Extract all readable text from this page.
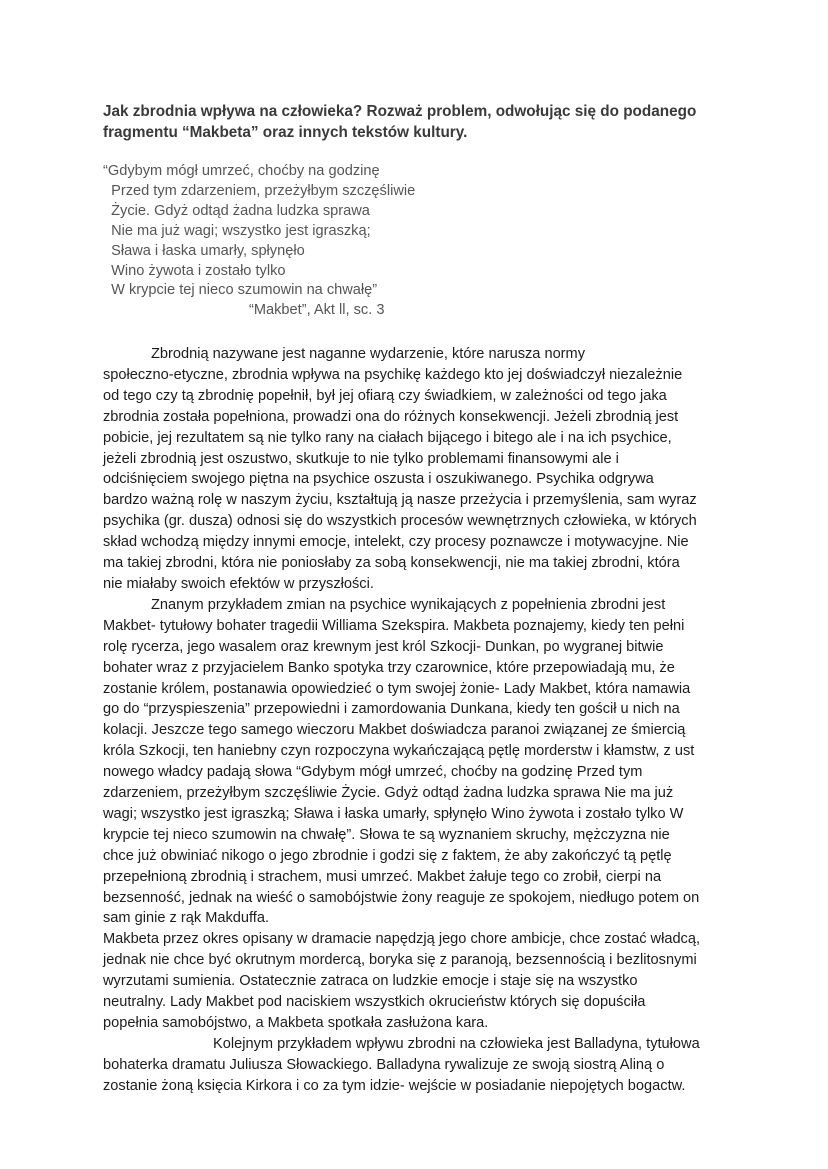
Jak zbrodnia wpływa na człowieka? Rozważ problem, odwołując się do podanego
fragmentu “Makbeta” oraz innych tekstów kultury.
“Gdybym mógł umrzeć, choćby na godzinę
Przed tym zdarzeniem, przeżyłbym szczęśliwie
Życie. Gdyż odtąd żadna ludzka sprawa
Nie ma już wagi; wszystko jest igraszką;
Sława i łaska umarły, spłynęło
Wino żywota i zostało tylko
W krypcie tej nieco szumowin na chwałę”
“Makbet”, Akt ll, sc. 3
Zbrodnią nazywane jest naganne wydarzenie, które narusza normy
społeczno-etyczne, zbrodnia wpływa na psychikę każdego kto jej doświadczył niezależnie
od tego czy tą zbrodnię popełnił, był jej ofiarą czy świadkiem, w zależności od tego jaka
zbrodnia została popełniona, prowadzi ona do różnych konsekwencji. Jeżeli zbrodnią jest
pobicie, jej rezultatem są nie tylko rany na ciałach bijącego i bitego ale i na ich psychice,
jeżeli zbrodnią jest oszustwo, skutkuje to nie tylko problemami finansowymi ale i
odciśnięciem swojego piętna na psychice oszusta i oszukiwanego. Psychika odgrywa
bardzo ważną rolę w naszym życiu, kształtują ją nasze przeżycia i przemyślenia, sam wyraz
psychika (gr. dusza) odnosi się do wszystkich procesów wewnętrznych człowieka, w których
skład wchodzą między innymi emocje, intelekt, czy procesy poznawcze i motywacyjne. Nie
ma takiej zbrodni, która nie poniosłaby za sobą konsekwencji, nie ma takiej zbrodni, która
nie miałaby swoich efektów w przyszłości.
Znanym przykładem zmian na psychice wynikających z popełnienia zbrodni jest
Makbet- tytułowy bohater tragedii Williama Szekspira. Makbeta poznajemy, kiedy ten pełni
rolę rycerza, jego wasalem oraz krewnym jest król Szkocji- Dunkan, po wygranej bitwie
bohater wraz z przyjacielem Banko spotyka trzy czarownice, które przepowiadają mu, że
zostanie królem, postanawia opowiedzieć o tym swojej żonie- Lady Makbet, która namawia
go do “przyspieszenia” przepowiedni i zamordowania Dunkana, kiedy ten gościł u nich na
kolacji. Jeszcze tego samego wieczoru Makbet doświadcza paranoi związanej ze śmiercią
króla Szkocji, ten haniebny czyn rozpoczyna wykańczającą pętlę morderstw i kłamstw, z ust
nowego władcy padają słowa “Gdybym mógł umrzeć, choćby na godzinę Przed tym
zdarzeniem, przeżyłbym szczęśliwie Życie. Gdyż odtąd żadna ludzka sprawa Nie ma już
wagi; wszystko jest igraszką; Sława i łaska umarły, spłynęło Wino żywota i zostało tylko W
krypcie tej nieco szumowin na chwałę”. Słowa te są wyznaniem skruchy, mężczyzna nie
chce już obwiniać nikogo o jego zbrodnie i godzi się z faktem, że aby zakończyć tą pętlę
przepełnioną zbrodnią i strachem, musi umrzeć. Makbet żałuje tego co zrobił, cierpi na
bezsenność, jednak na wieść o samobójstwie żony reaguje ze spokojem, niedługo potem on
sam ginie z rąk Makduffa.
Makbeta przez okres opisany w dramacie napędzją jego chore ambicje, chce zostać władcą,
jednak nie chce być okrutnym mordercą, boryka się z paranoją, bezsennością i bezlitosnymi
wyrzutami sumienia. Ostatecznie zatraca on ludzkie emocje i staje się na wszystko
neutralny. Lady Makbet pod naciskiem wszystkich okrucieństw których się dopuściła
popełnia samobójstwo, a Makbeta spotkała zasłużona kara.
Kolejnym przykładem wpływu zbrodni na człowieka jest Balladyna, tytułowa
bohaterka dramatu Juliusza Słowackiego. Balladyna rywalizuje ze swoją siostrą Aliną o
zostanie żoną księcia Kirkora i co za tym idzie- wejście w posiadanie niepojętych bogactw.
